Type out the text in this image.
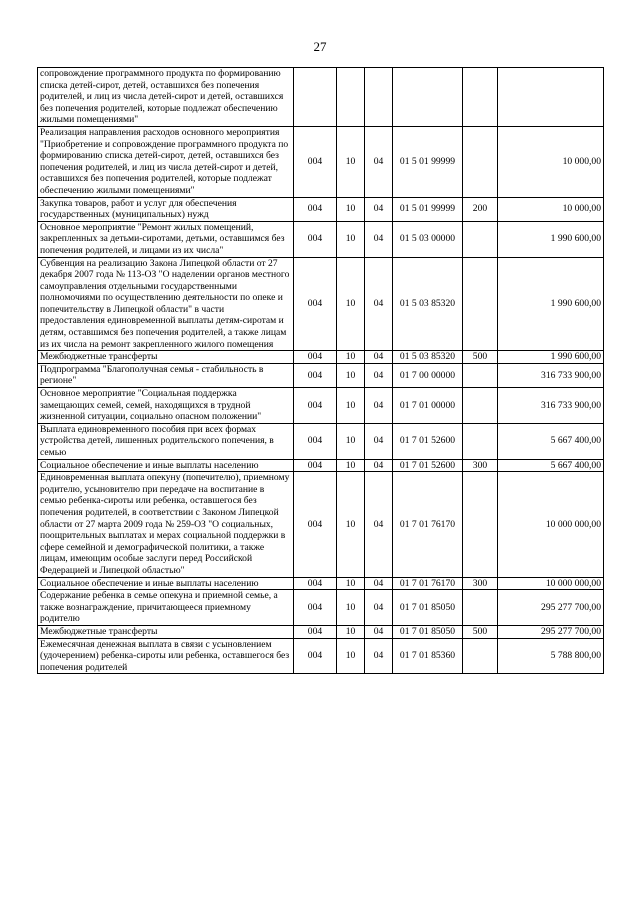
27
сопровождение программного продукта по формированию списка детей-сирот, детей, оставшихся без попечения родителей, и лиц из числа детей-сирот и детей, оставшихся без попечения родителей, которые подлежат обеспечению жилыми помещениями"						
Реализация направления расходов основного мероприятия "Приобретение и сопровождение программного продукта по формированию списка детей-сирот, детей, оставшихся без попечения родителей, и лиц из числа детей-сирот и детей, оставшихся без попечения родителей, которые подлежат обеспечению жилыми помещениями"	004	10	04	01 5 01 99999		10 000,00
Закупка товаров, работ и услуг для обеспечения государственных (муниципальных) нужд	004	10	04	01 5 01 99999	200	10 000,00
Основное мероприятие "Ремонт жилых помещений, закрепленных за детьми-сиротами, детьми, оставшимся без попечения родителей, и лицами из их числа"	004	10	04	01 5 03 00000		1 990 600,00
Субвенция на реализацию Закона Липецкой области от 27 декабря 2007 года № 113-ОЗ "О наделении органов местного самоуправления отдельными государственными полномочиями по осуществлению деятельности по опеке и попечительству в Липецкой области" в части предоставления единовременной выплаты детям-сиротам и детям, оставшимся без попечения родителей, а также лицам из их числа на ремонт закрепленного жилого помещения	004	10	04	01 5 03 85320		1 990 600,00
Межбюджетные трансферты	004	10	04	01 5 03 85320	500	1 990 600,00
Подпрограмма "Благополучная семья - стабильность в регионе"	004	10	04	01 7 00 00000		316 733 900,00
Основное мероприятие "Социальная поддержка замещающих семей, семей, находящихся в трудной жизненной ситуации, социально опасном положении"	004	10	04	01 7 01 00000		316 733 900,00
Выплата единовременного пособия при всех формах устройства детей, лишенных родительского попечения, в семью	004	10	04	01 7 01 52600		5 667 400,00
Социальное обеспечение и иные выплаты населению	004	10	04	01 7 01 52600	300	5 667 400,00
Единовременная выплата опекуну (попечителю), приемному родителю, усыновителю при передаче на воспитание в семью ребенка-сироты или ребенка, оставшегося без попечения родителей, в соответствии с Законом Липецкой области от 27 марта 2009 года № 259-ОЗ "О социальных, поощрительных выплатах и мерах социальной поддержки в сфере семейной и демографической политики, а также лицам, имеющим особые заслуги перед Российской Федерацией и Липецкой областью"	004	10	04	01 7 01 76170		10 000 000,00
Социальное обеспечение и иные выплаты населению	004	10	04	01 7 01 76170	300	10 000 000,00
Содержание ребенка в семье опекуна и приемной семье, а также вознаграждение, причитающееся приемному родителю	004	10	04	01 7 01 85050		295 277 700,00
Межбюджетные трансферты	004	10	04	01 7 01 85050	500	295 277 700,00
Ежемесячная денежная выплата в связи с усыновлением (удочерением) ребенка-сироты или ребенка, оставшегося без попечения родителей	004	10	04	01 7 01 85360		5 788 800,00
